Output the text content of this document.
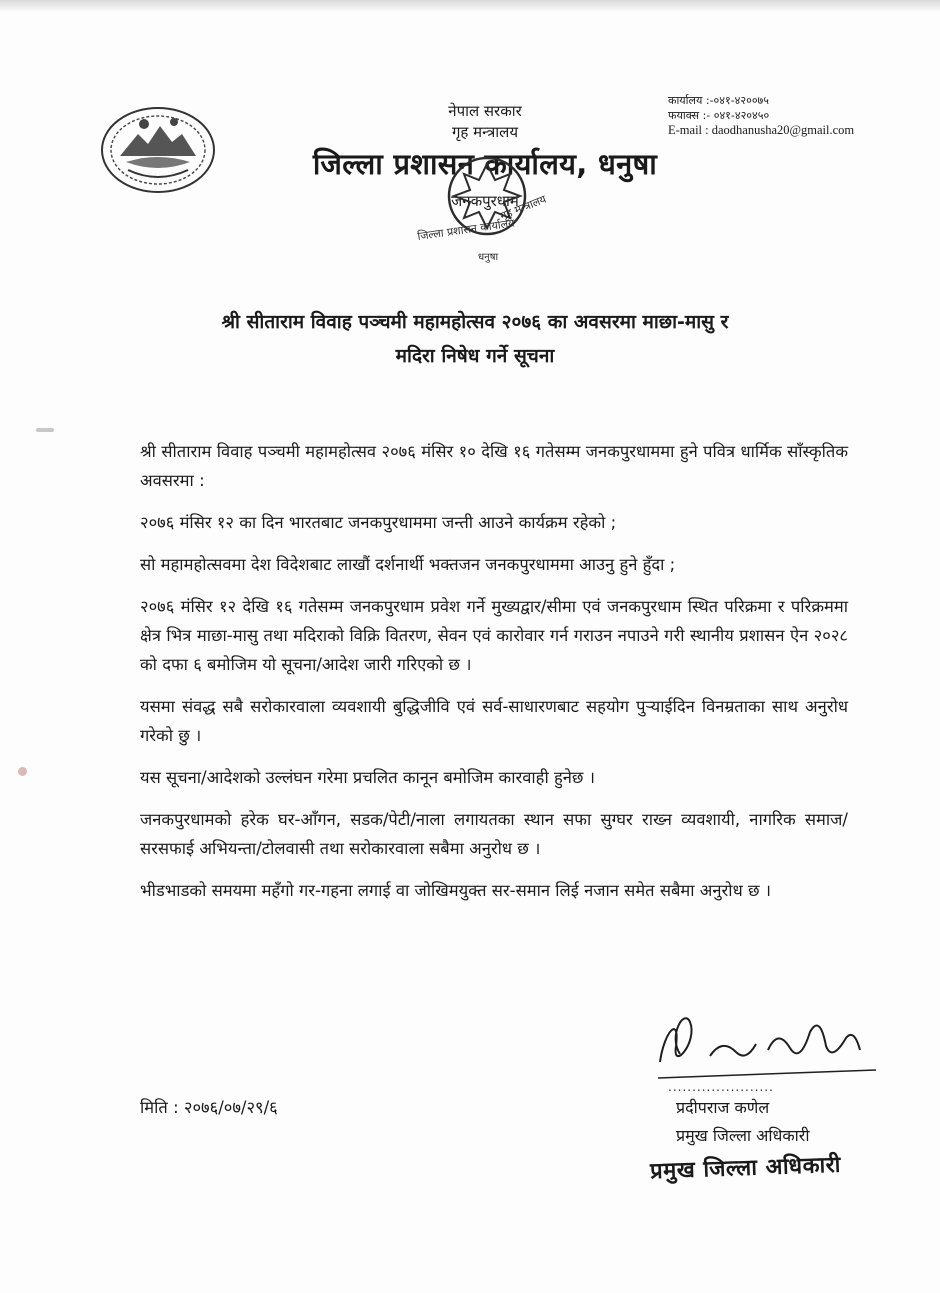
नेपाल सरकार
गृह मन्त्रालय
जिल्ला प्रशासन कार्यालय, धनुषा
जनकपुरधाम
कार्यालय :-०४१-४२००७५
फयाक्स :- ०४१-४२०४५०
E-mail : daodhanusha20@gmail.com
गृह मन्त्रालय
जिल्ला प्रशासन कार्यालय
धनुषा
श्री सीताराम विवाह पञ्चमी महामहोत्सव २०७६ का अवसरमा माछा-मासु र
मदिरा निषेध गर्ने सूचना

श्री सीताराम विवाह पञ्चमी महामहोत्सव २०७६ मंसिर १० देखि १६ गतेसम्म जनकपुरधाममा हुने पवित्र धार्मिक साँस्कृतिक अवसरमा :

२०७६ मंसिर १२ का दिन भारतबाट जनकपुरधाममा जन्ती आउने कार्यक्रम रहेको ;

सो महामहोत्सवमा देश विदेशबाट लाखौं दर्शनार्थी भक्तजन जनकपुरधाममा आउनु हुने हुँदा ;

२०७६ मंसिर १२ देखि १६ गतेसम्म जनकपुरधाम प्रवेश गर्ने मुख्यद्वार/सीमा एवं जनकपुरधाम स्थित परिक्रमा र परिक्रममा क्षेत्र भित्र माछा-मासु तथा मदिराको विक्रि वितरण, सेवन एवं कारोवार गर्न गराउन नपाउने गरी स्थानीय प्रशासन ऐन २०२८ को दफा ६ बमोजिम यो सूचना/आदेश जारी गरिएको छ ।

यसमा संवद्ध सबै सरोकारवाला व्यवशायी बुद्धिजीवि एवं सर्व-साधारणबाट सहयोग पुऱ्याईदिन विनम्रताका साथ अनुरोध गरेको छु ।

यस सूचना/आदेशको उल्लंघन गरेमा प्रचलित कानून बमोजिम कारवाही हुनेछ ।

जनकपुरधामको हरेक घर-आँगन, सडक/पेटी/नाला लगायतका स्थान सफा सुग्घर राख्न व्यवशायी, नागरिक समाज/सरसफाई अभियन्ता/टोलवासी तथा सरोकारवाला सबैमा अनुरोध छ ।

भीडभाडको समयमा महँगो गर-गहना लगाई वा जोखिमयुक्त सर-समान लिई नजान समेत सबैमा अनुरोध छ ।

मिति : २०७६/०७/२९/६
......................
प्रदीपराज कणेल
प्रमुख जिल्ला अधिकारी
प्रमुख जिल्ला अधिकारी
